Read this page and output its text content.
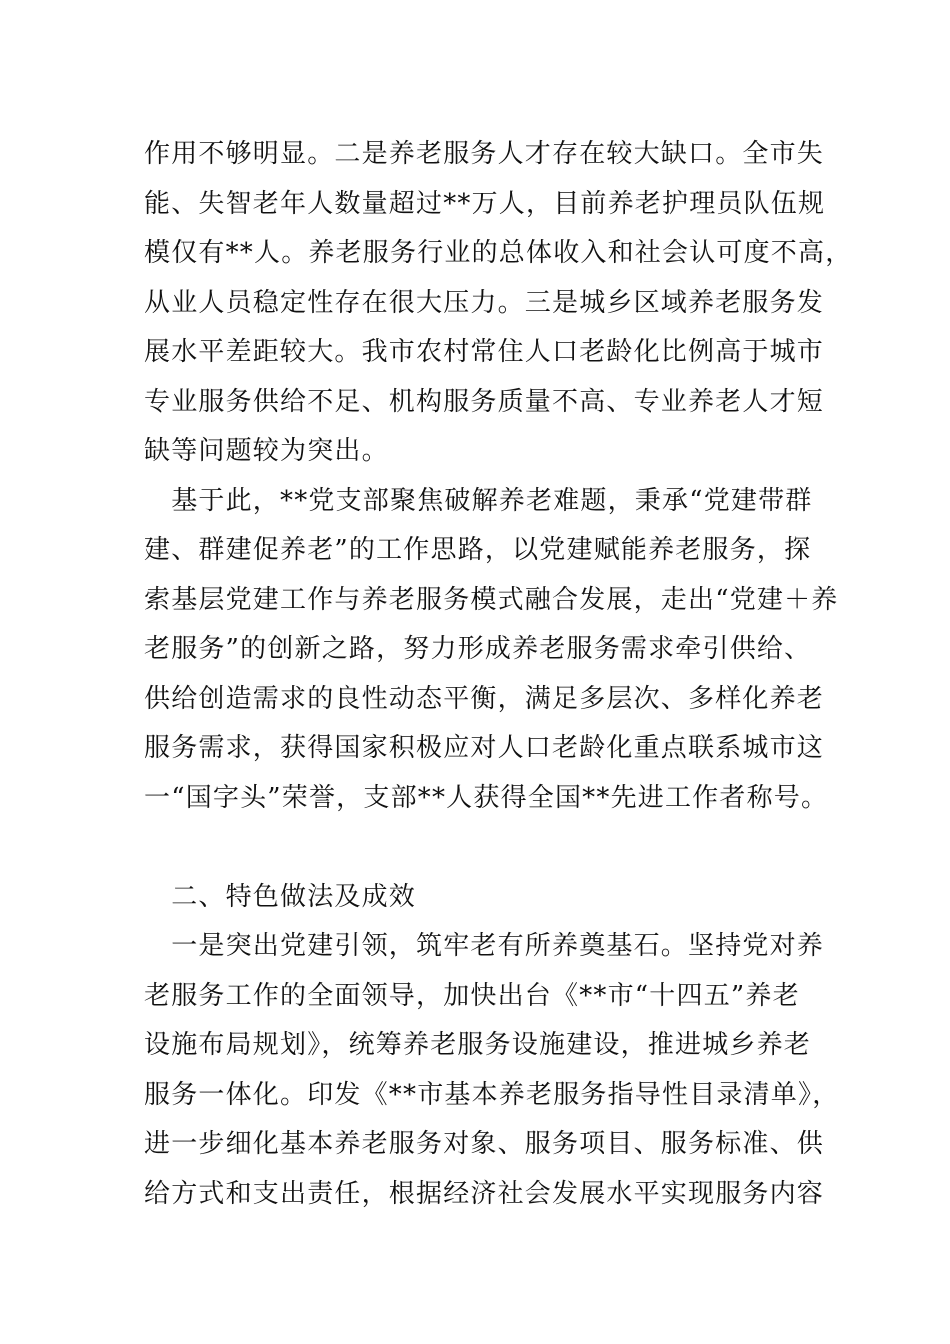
作用不够明显。二是养老服务人才存在较大缺口。全市失
能、失智老年人数量超过**万人，目前养老护理员队伍规
模仅有**人。养老服务行业的总体收入和社会认可度不高，
从业人员稳定性存在很大压力。三是城乡区域养老服务发
展水平差距较大。我市农村常住人口老龄化比例高于城市
专业服务供给不足、机构服务质量不高、专业养老人才短
缺等问题较为突出。
　基于此，**党支部聚焦破解养老难题，秉承“党建带群
建、群建促养老”的工作思路，以党建赋能养老服务，探
索基层党建工作与养老服务模式融合发展，走出“党建＋养
老服务”的创新之路，努力形成养老服务需求牵引供给、
供给创造需求的良性动态平衡，满足多层次、多样化养老
服务需求，获得国家积极应对人口老龄化重点联系城市这
一“国字头”荣誉，支部**人获得全国**先进工作者称号。
　二、特色做法及成效
　一是突出党建引领，筑牢老有所养奠基石。坚持党对养
老服务工作的全面领导，加快出台《**市“十四五”养老
设施布局规划》，统筹养老服务设施建设，推进城乡养老
服务一体化。印发《**市基本养老服务指导性目录清单》，
进一步细化基本养老服务对象、服务项目、服务标准、供
给方式和支出责任，根据经济社会发展水平实现服务内容
